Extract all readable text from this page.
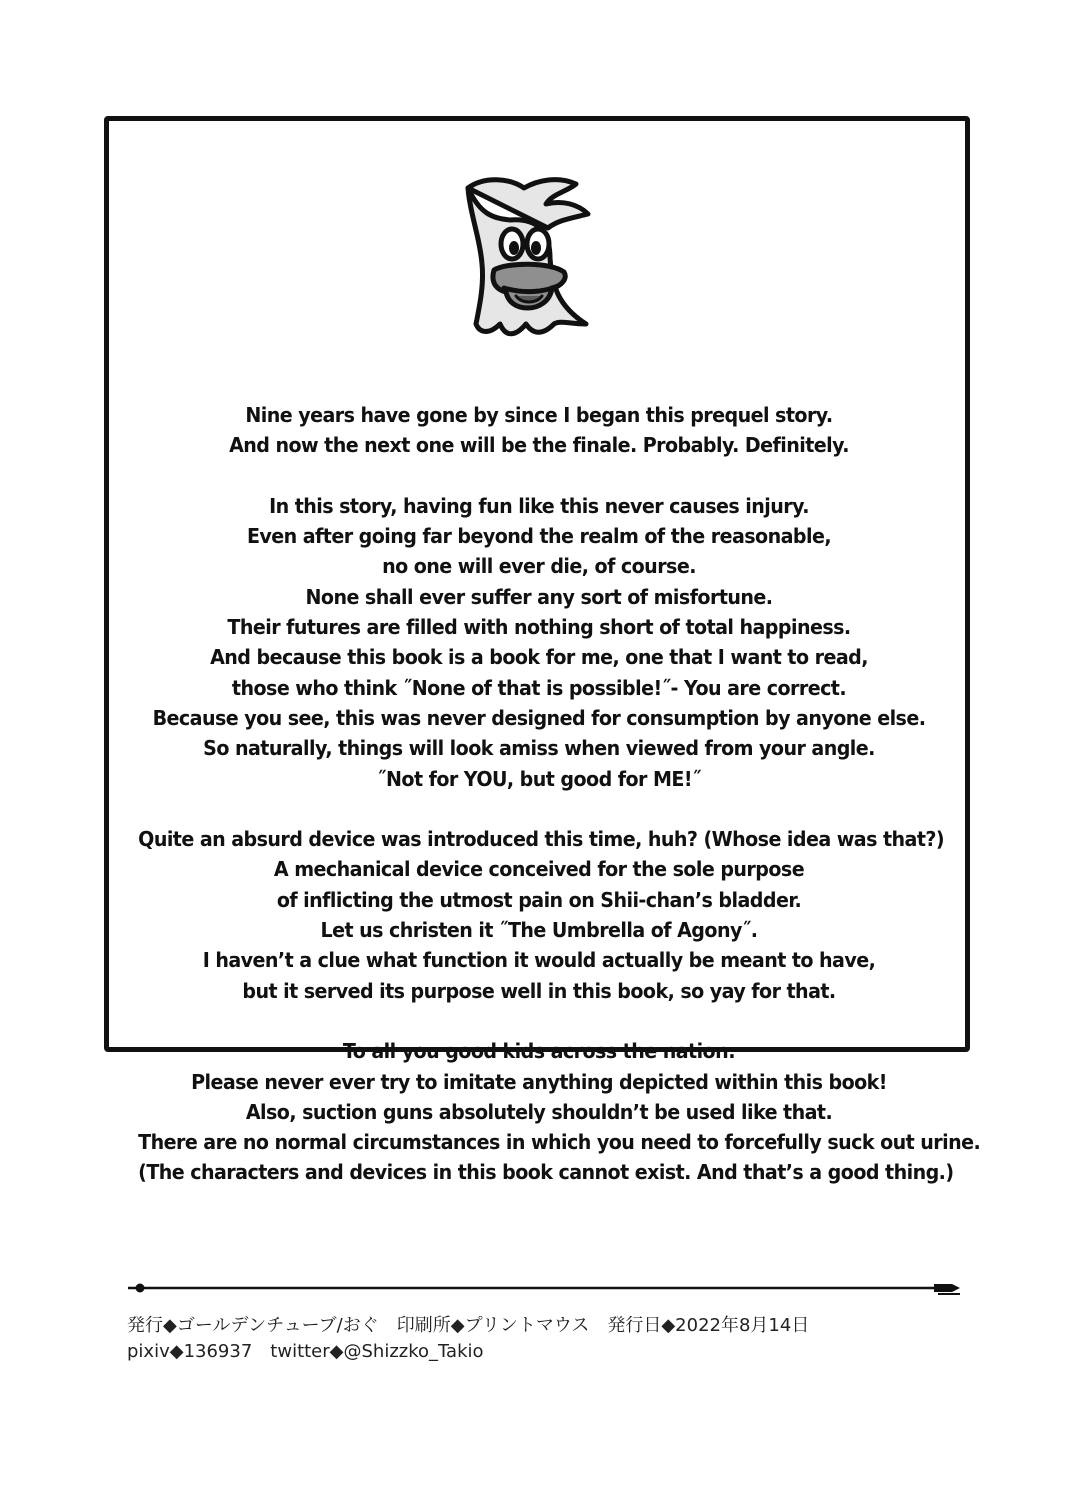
Nine years have gone by since I began this prequel story.
And now the next one will be the finale. Probably. Definitely.
In this story, having fun like this never causes injury.
Even after going far beyond the realm of the reasonable,
no one will ever die, of course.
None shall ever suffer any sort of misfortune.
Their futures are filled with nothing short of total happiness.
And because this book is a book for me, one that I want to read,
those who think ˝None of that is possible!˝- You are correct.
Because you see, this was never designed for consumption by anyone else.
So naturally, things will look amiss when viewed from your angle.
˝Not for YOU, but good for ME!˝
Quite an absurd device was introduced this time, huh? (Whose idea was that?)
A mechanical device conceived for the sole purpose
of inflicting the utmost pain on Shii-chan’s bladder.
Let us christen it ˝The Umbrella of Agony˝.
I haven’t a clue what function it would actually be meant to have,
but it served its purpose well in this book, so yay for that.
To all you good kids across the nation:
Please never ever try to imitate anything depicted within this book!
Also, suction guns absolutely shouldn’t be used like that.
There are no normal circumstances in which you need to forcefully suck out urine.
(The characters and devices in this book cannot exist. And that’s a good thing.)
発行◆ゴールデンチューブ/おぐ　印刷所◆プリントマウス　発行日◆2022年8月14日
pixiv◆136937　twitter◆@Shizzko_Takio
